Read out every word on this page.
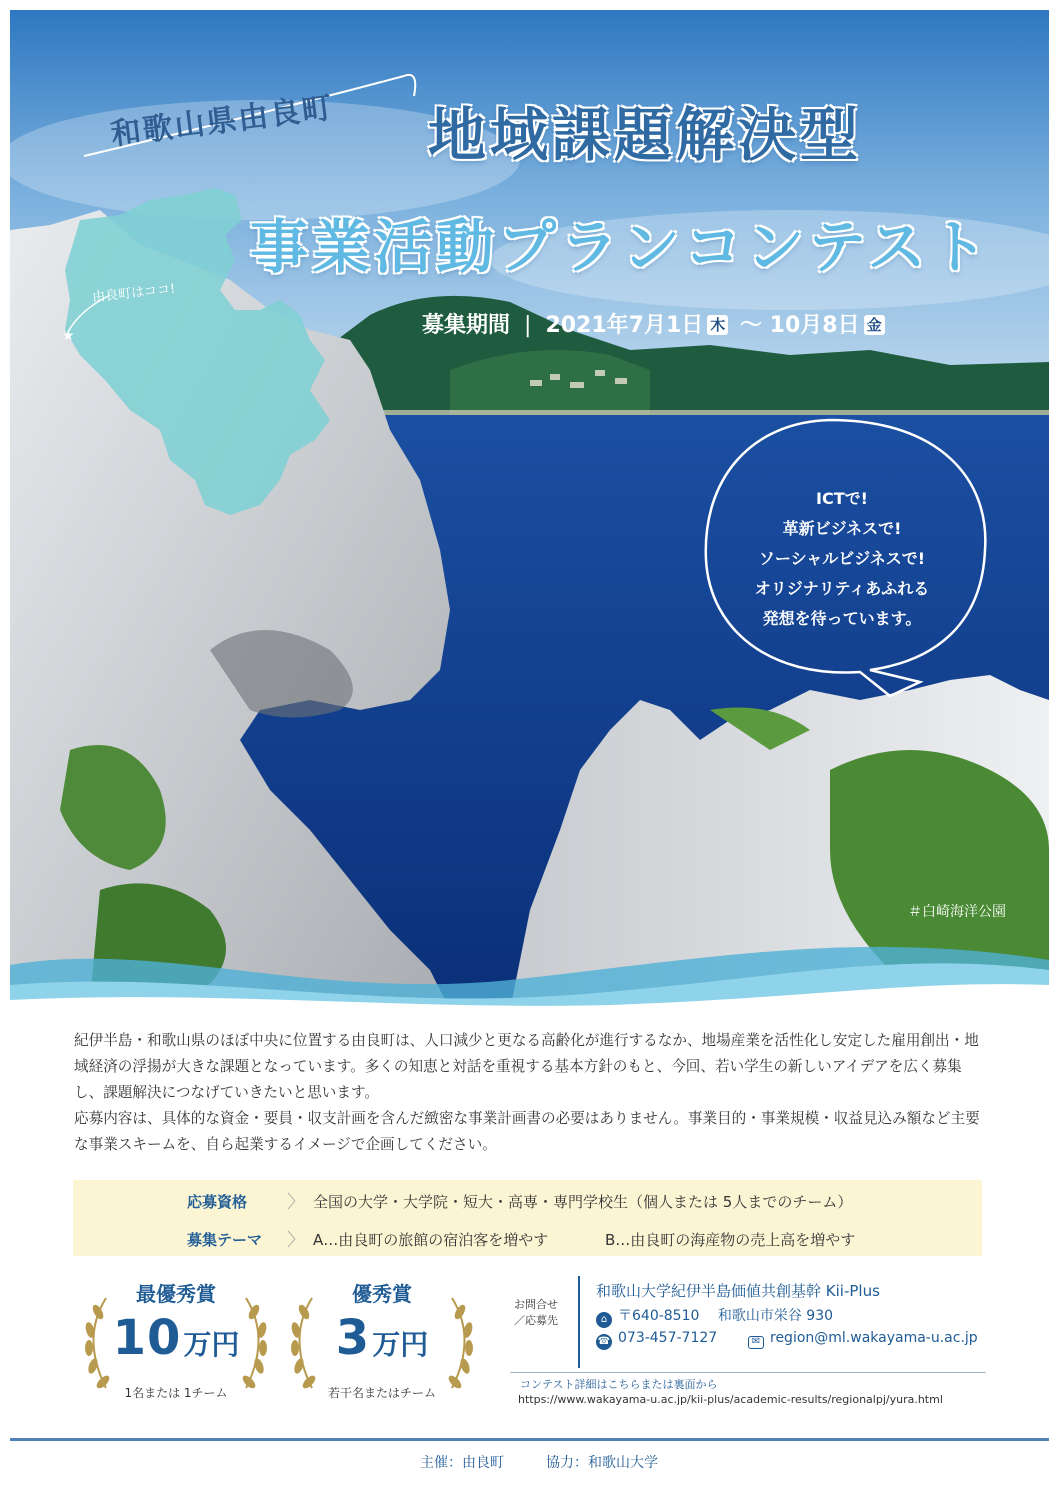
★
和歌山県由良町 地域課題解決型
事業活動プランコンテスト
募集期間 | 2021年7月1日 木 〜 10月8日 金
由良町はココ!
ICTで!
革新ビジネスで!
ソーシャルビジネスで!
オリジナリティあふれる
発想を待っています。
＃白崎海洋公園

紀伊半島・和歌山県のほぼ中央に位置する由良町は、人口減少と更なる高齢化が進行するなか、地場産業を活性化し安定した雇用創出・地域経済の浮揚が大きな課題となっています。多くの知恵と対話を重視する基本方針のもと、今回、若い学生の新しいアイデアを広く募集し、課題解決につなげていきたいと思います。

応募内容は、具体的な資金・要員・収支計画を含んだ緻密な事業計画書の必要はありません。事業目的・事業規模・収益見込み額など主要な事業スキームを、自ら起業するイメージで企画してください。

応募資格 〉 全国の大学・大学院・短大・高専・専門学校生（個人または 5人までのチーム）
募集テーマ 〉 A…由良町の旅館の宿泊客を増やす	B…由良町の海産物の売上高を増やす
最優秀賞
10万円
1名または 1チーム
優秀賞
3万円
若干名またはチーム
お問合せ
／応募先
和歌山大学紀伊半島価値共創基幹 Kii-Plus
⌂ 〒640-8510 和歌山市栄谷 930
☎ 073-457-7127	✉ region@ml.wakayama-u.ac.jp
コンテスト詳細はこちらまたは裏面から
https://www.wakayama-u.ac.jp/kii-plus/academic-results/regionalpj/yura.html
主催：由良町	協力：和歌山大学
